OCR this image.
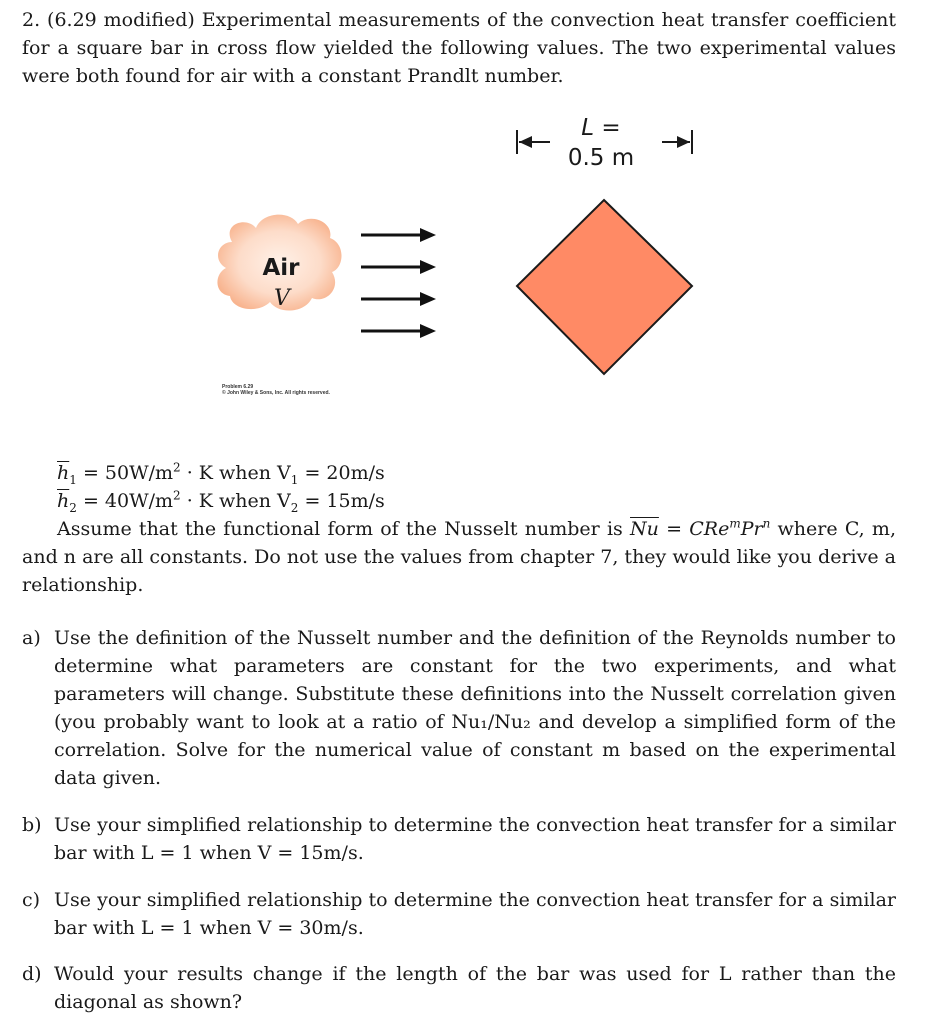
2. (6.29 modified) Experimental measurements of the convection heat transfer coefficient for a square bar in cross flow yielded the following values. The two experimental values were both found for air with a constant Prandlt number.

L =
0.5 m
Air
V
Problem 6.29
© John Wiley & Sons, Inc. All rights reserved.

$\overline{h}_1 = 50W/m^2 \cdot K$ when $V_1 = 20m/s$

$\overline{h}_2 = 40W/m^2 \cdot K$ when $V_2 = 15m/s$

Assume that the functional form of the Nusselt number is $\overline{Nu} = CRe^mPr^n$ where C, m, and n are all constants. Do not use the values from chapter 7, they would like you derive a relationship.

a) Use the definition of the Nusselt number and the definition of the Reynolds number to determine what parameters are constant for the two experiments, and what parameters will change. Substitute these definitions into the Nusselt correlation given (you probably want to look at a ratio of Nu₁/Nu₂ and develop a simplified form of the correlation. Solve for the numerical value of constant m based on the experimental data given.
b) Use your simplified relationship to determine the convection heat transfer for a similar bar with L = 1 when V = 15m/s.
c) Use your simplified relationship to determine the convection heat transfer for a similar bar with L = 1 when V = 30m/s.
d) Would your results change if the length of the bar was used for L rather than the diagonal as shown?
